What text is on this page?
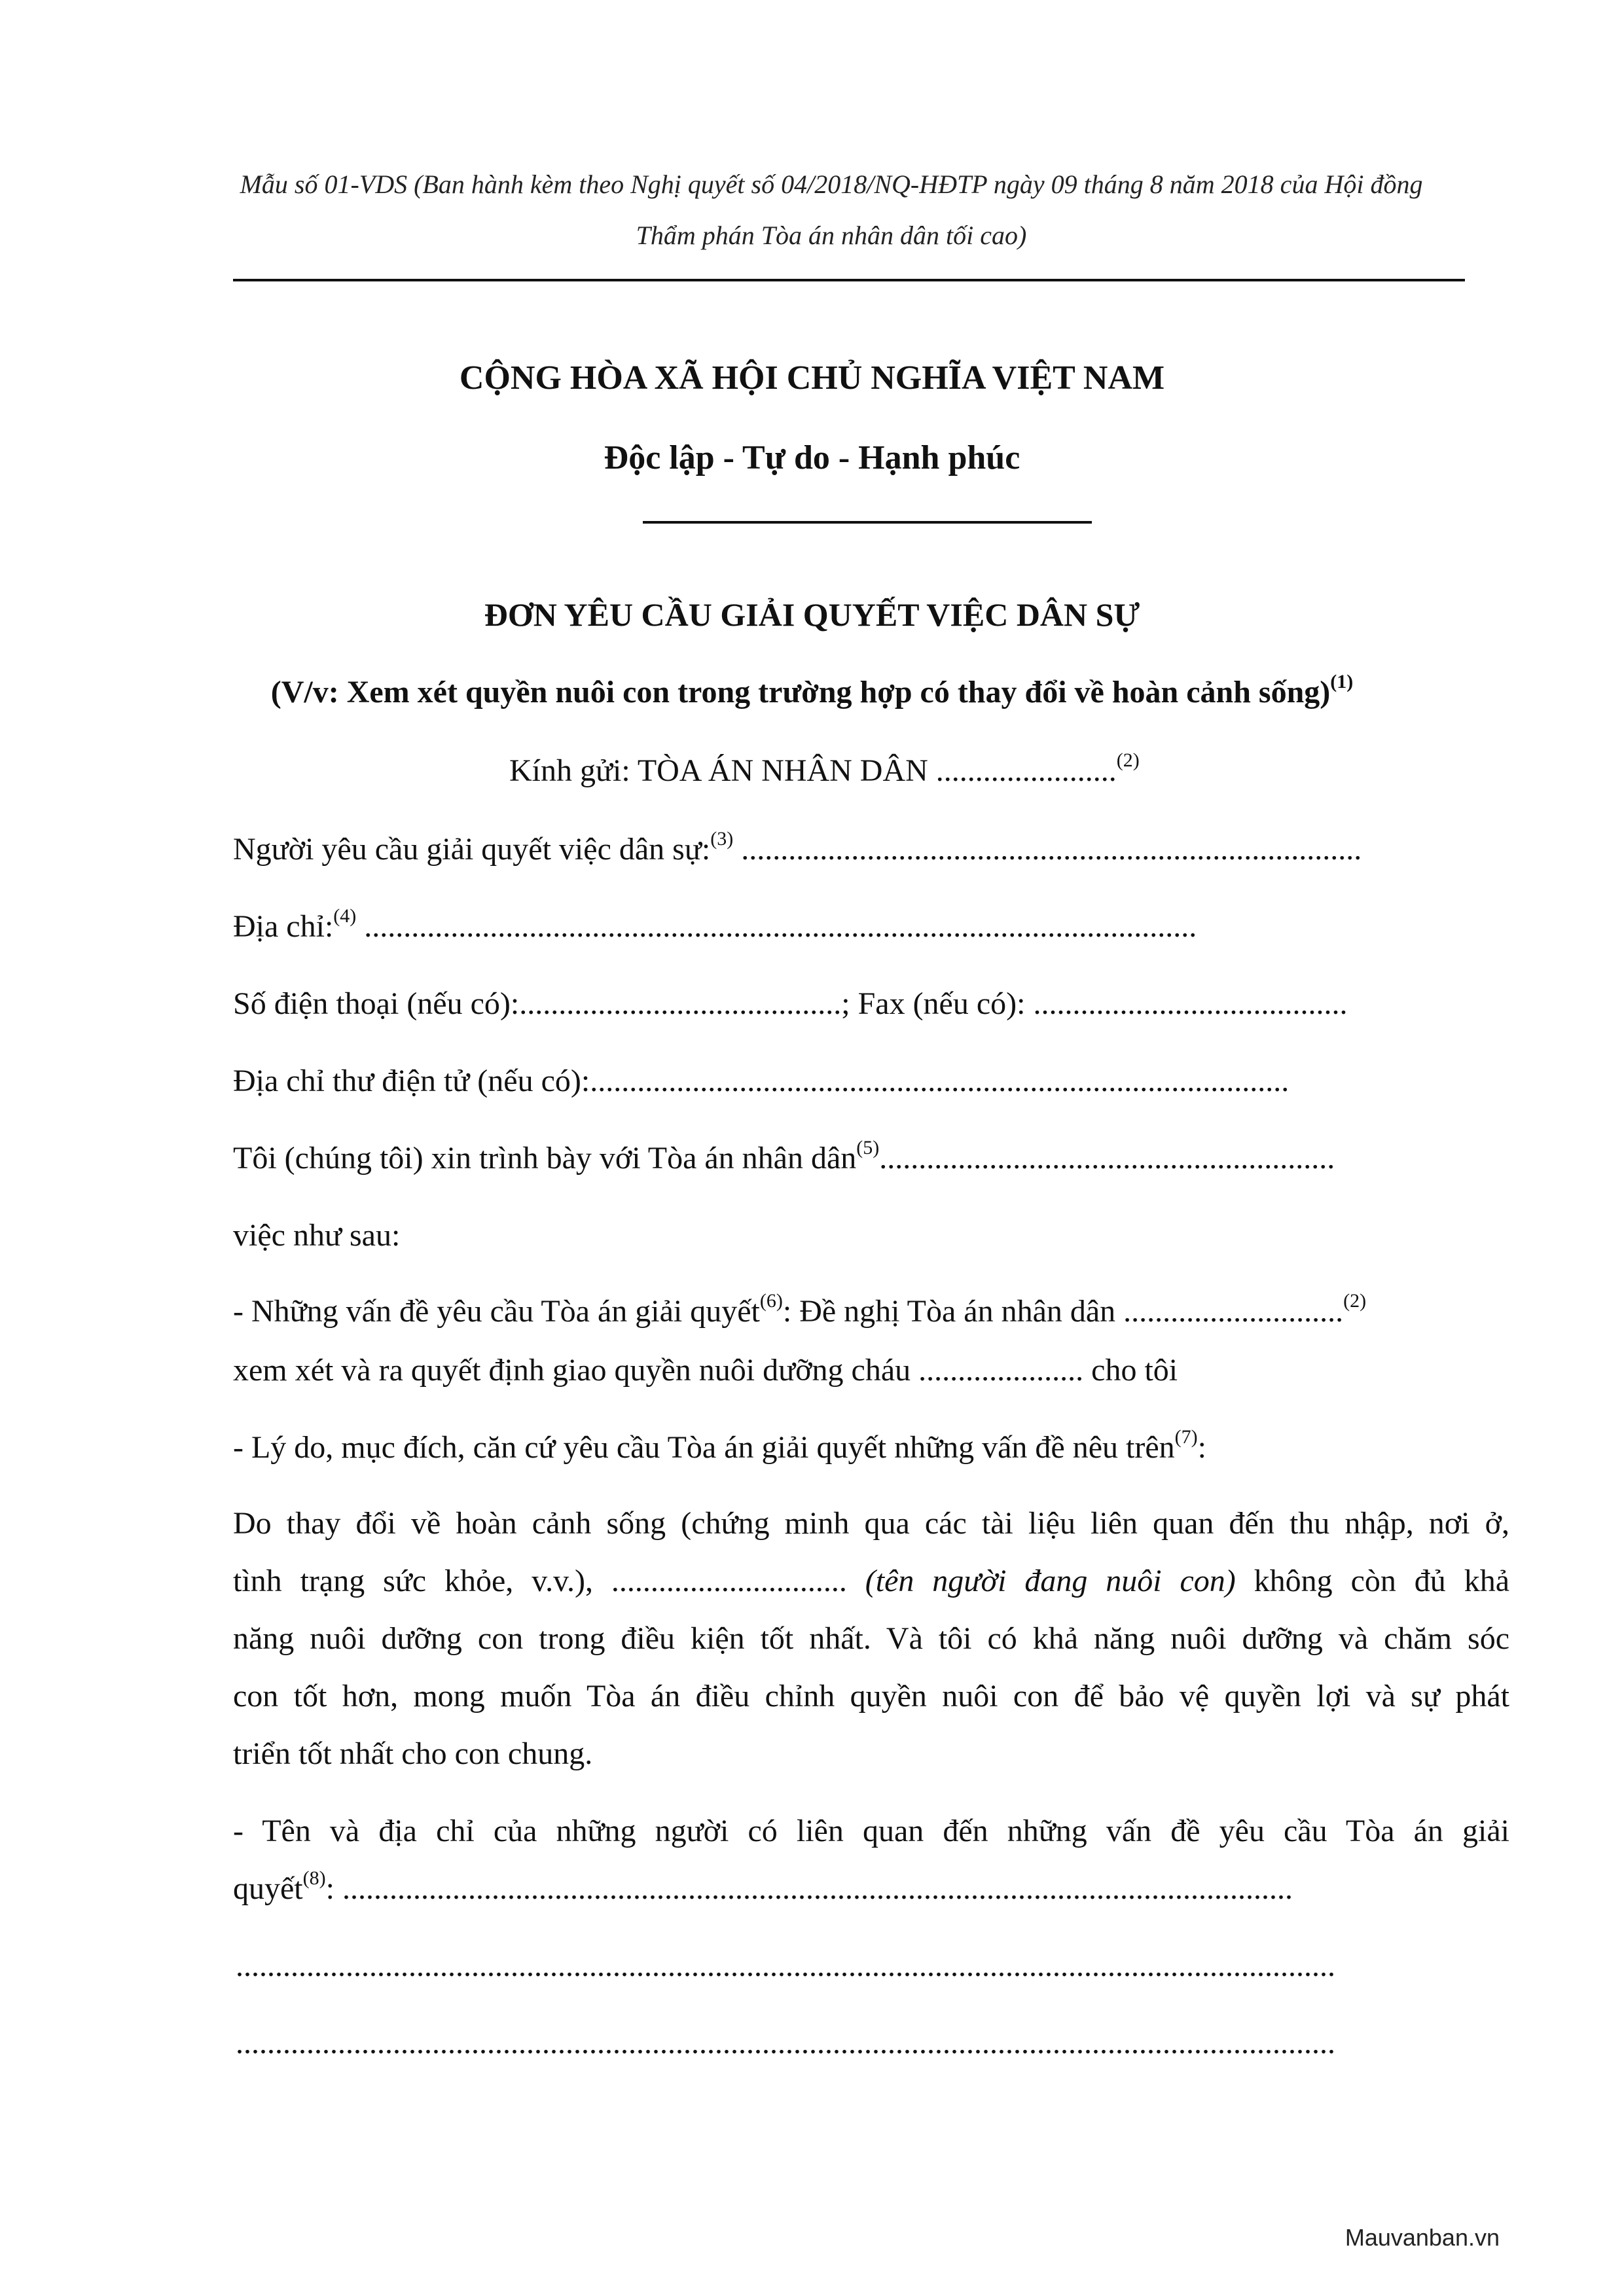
Mẫu số 01-VDS (Ban hành kèm theo Nghị quyết số 04/2018/NQ-HĐTP ngày 09 tháng 8 năm 2018 của Hội đồng
Thẩm phán Tòa án nhân dân tối cao)
CỘNG HÒA XÃ HỘI CHỦ NGHĨA VIỆT NAM
Độc lập - Tự do - Hạnh phúc
ĐƠN YÊU CẦU GIẢI QUYẾT VIỆC DÂN SỰ
(V/v: Xem xét quyền nuôi con trong trường hợp có thay đổi về hoàn cảnh sống)$^{(1)}$
Kính gửi: TÒA ÁN NHÂN DÂN .......................$^{(2)}$
Người yêu cầu giải quyết việc dân sự:$^{(3)}$ ...............................................................................
Địa chỉ:$^{(4)}$ ..........................................................................................................
Số điện thoại (nếu có):.........................................; Fax (nếu có): ........................................
Địa chỉ thư điện tử (nếu có):.........................................................................................
Tôi (chúng tôi) xin trình bày với Tòa án nhân dân$^{(5)}$..........................................................
việc như sau:
- Những vấn đề yêu cầu Tòa án giải quyết$^{(6)}$: Đề nghị Tòa án nhân dân ............................$^{(2)}$
xem xét và ra quyết định giao quyền nuôi dưỡng cháu ..................... cho tôi
- Lý do, mục đích, căn cứ yêu cầu Tòa án giải quyết những vấn đề nêu trên$^{(7)}$:
Do thay đổi về hoàn cảnh sống (chứng minh qua các tài liệu liên quan đến thu nhập, nơi ở,
tình trạng sức khỏe, v.v.), .............................. (tên người đang nuôi con) không còn đủ khả
năng nuôi dưỡng con trong điều kiện tốt nhất. Và tôi có khả năng nuôi dưỡng và chăm sóc
con tốt hơn, mong muốn Tòa án điều chỉnh quyền nuôi con để bảo vệ quyền lợi và sự phát
triển tốt nhất cho con chung.
- Tên và địa chỉ của những người có liên quan đến những vấn đề yêu cầu Tòa án giải
quyết$^{(8)}$: .........................................................................................................................
............................................................................................................................................
............................................................................................................................................
Mauvanban.vn
